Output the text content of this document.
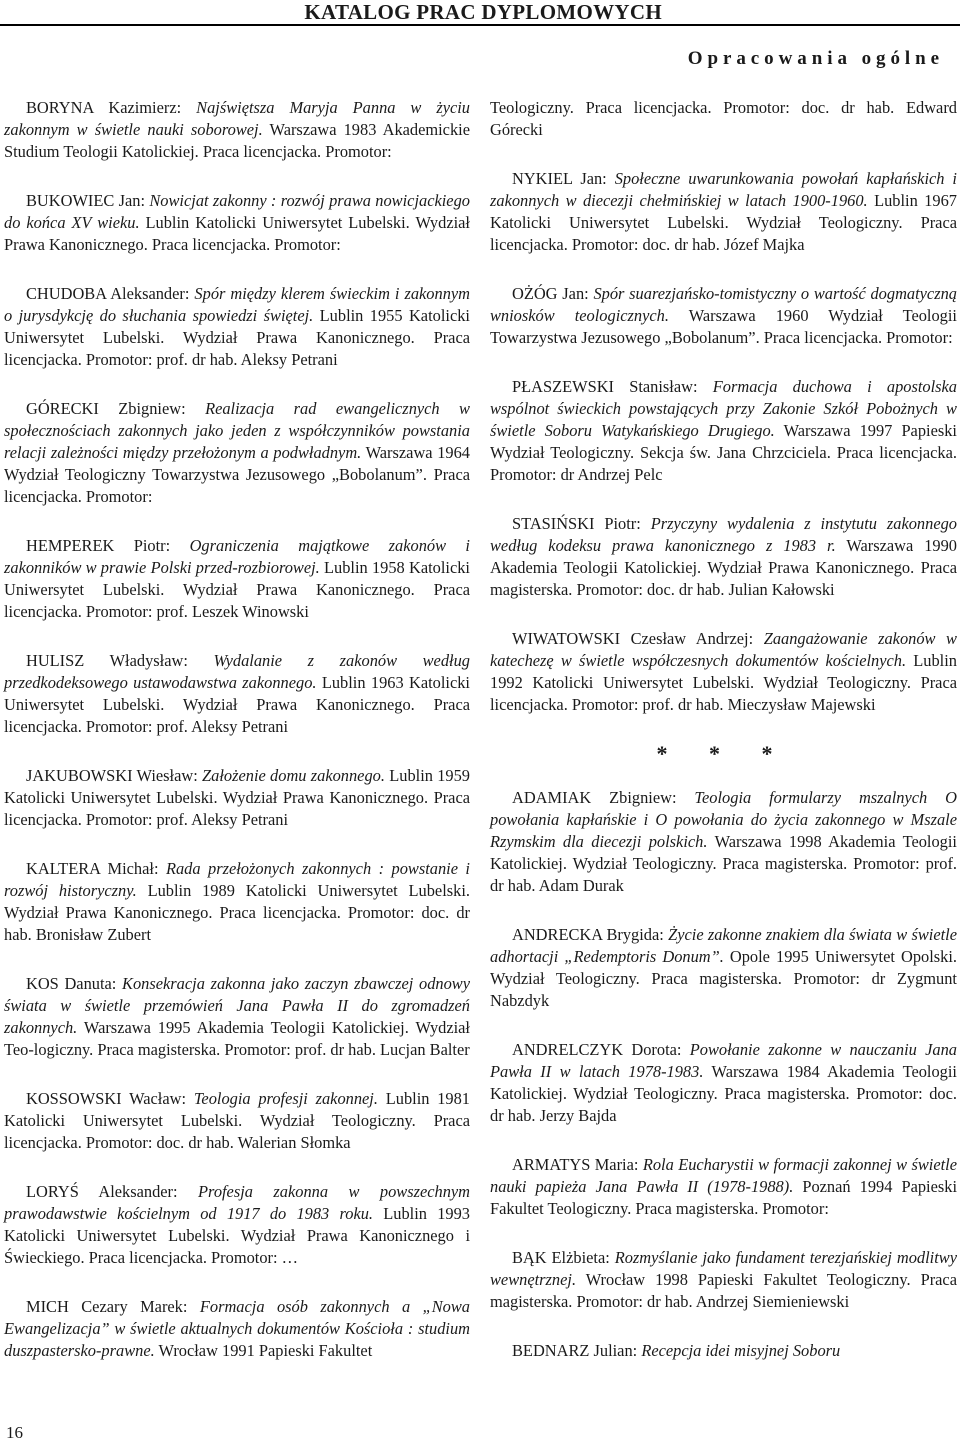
KATALOG PRAC DYPLOMOWYCH
Opracowania ogólne

BORYNA Kazimierz: Najświętsza Maryja Panna w życiu zakonnym w świetle nauki soborowej. Warszawa 1983 Akademickie Studium Teologii Katolickiej. Praca licencjacka. Promotor:

BUKOWIEC Jan: Nowicjat zakonny : rozwój prawa nowicjackiego do końca XV wieku. Lublin Katolicki Uniwersytet Lubelski. Wydział Prawa Kanonicznego. Praca licencjacka. Promotor:

CHUDOBA Aleksander: Spór między klerem świeckim i zakonnym o jurysdykcję do słuchania spowiedzi świętej. Lublin 1955 Katolicki Uniwersytet Lubelski. Wydział Prawa Kanonicznego. Praca licencjacka. Promotor: prof. dr hab. Aleksy Petrani

GÓRECKI Zbigniew: Realizacja rad ewangelicznych w społecznościach zakonnych jako jeden z współczynników powstania relacji zależności między przełożonym a podwładnym. Warszawa 1964 Wydział Teologiczny Towarzystwa Jezusowego „Bobolanum”. Praca licencjacka. Promotor:

HEMPEREK Piotr: Ograniczenia majątkowe zakonów i zakonników w prawie Polski przed-rozbiorowej. Lublin 1958 Katolicki Uniwersytet Lubelski. Wydział Prawa Kanonicznego. Praca licencjacka. Promotor: prof. Leszek Winowski

HULISZ Władysław: Wydalanie z zakonów według przedkodeksowego ustawodawstwa zakonnego. Lublin 1963 Katolicki Uniwersytet Lubelski. Wydział Prawa Kanonicznego. Praca licencjacka. Promotor: prof. Aleksy Petrani

JAKUBOWSKI Wiesław: Założenie domu zakonnego. Lublin 1959 Katolicki Uniwersytet Lubelski. Wydział Prawa Kanonicznego. Praca licencjacka. Promotor: prof. Aleksy Petrani

KALTERA Michał: Rada przełożonych zakonnych : powstanie i rozwój historyczny. Lublin 1989 Katolicki Uniwersytet Lubelski. Wydział Prawa Kanonicznego. Praca licencjacka. Promotor: doc. dr hab. Bronisław Zubert

KOS Danuta: Konsekracja zakonna jako zaczyn zbawczej odnowy świata w świetle przemówień Jana Pawła II do zgromadzeń zakonnych. Warszawa 1995 Akademia Teologii Katolickiej. Wydział Teo-logiczny. Praca magisterska. Promotor: prof. dr hab. Lucjan Balter

KOSSOWSKI Wacław: Teologia profesji zakonnej. Lublin 1981 Katolicki Uniwersytet Lubelski. Wydział Teologiczny. Praca licencjacka. Promotor: doc. dr hab. Walerian Słomka

LORYŚ Aleksander: Profesja zakonna w powszechnym prawodawstwie kościelnym od 1917 do 1983 roku. Lublin 1993 Katolicki Uniwersytet Lubelski. Wydział Prawa Kanonicznego i Świeckiego. Praca licencjacka. Promotor: …

MICH Cezary Marek: Formacja osób zakonnych a „Nowa Ewangelizacja” w świetle aktualnych dokumentów Kościoła : studium duszpastersko-prawne. Wrocław 1991 Papieski Fakultet

Teologiczny. Praca licencjacka. Promotor: doc. dr hab. Edward Górecki

NYKIEL Jan: Społeczne uwarunkowania powołań kapłańskich i zakonnych w diecezji chełmińskiej w latach 1900-1960. Lublin 1967 Katolicki Uniwersytet Lubelski. Wydział Teologiczny. Praca licencjacka. Promotor: doc. dr hab. Józef Majka

OŻÓG Jan: Spór suarezjańsko-tomistyczny o wartość dogmatyczną wniosków teologicznych. Warszawa 1960 Wydział Teologii Towarzystwa Jezusowego „Bobolanum”. Praca licencjacka. Promotor:

PŁASZEWSKI Stanisław: Formacja duchowa i apostolska wspólnot świeckich powstających przy Zakonie Szkół Pobożnych w świetle Soboru Watykańskiego Drugiego. Warszawa 1997 Papieski Wydział Teologiczny. Sekcja św. Jana Chrzciciela. Praca licencjacka. Promotor: dr Andrzej Pelc

STASIŃSKI Piotr: Przyczyny wydalenia z instytutu zakonnego według kodeksu prawa kanonicznego z 1983 r. Warszawa 1990 Akademia Teologii Katolickiej. Wydział Prawa Kanonicznego. Praca magisterska. Promotor: doc. dr hab. Julian Kałowski

WIWATOWSKI Czesław Andrzej: Zaangażowanie zakonów w katechezę w świetle współczesnych dokumentów kościelnych. Lublin 1992 Katolicki Uniwersytet Lubelski. Wydział Teologiczny. Praca licencjacka. Promotor: prof. dr hab. Mieczysław Majewski

* * *

ADAMIAK Zbigniew: Teologia formularzy mszalnych O powołania kapłańskie i O powołania do życia zakonnego w Mszale Rzymskim dla diecezji polskich. Warszawa 1998 Akademia Teologii Katolickiej. Wydział Teologiczny. Praca magisterska. Promotor: prof. dr hab. Adam Durak

ANDRECKA Brygida: Życie zakonne znakiem dla świata w świetle adhortacji „Redemptoris Donum”. Opole 1995 Uniwersytet Opolski. Wydział Teologiczny. Praca magisterska. Promotor: dr Zygmunt Nabzdyk

ANDRELCZYK Dorota: Powołanie zakonne w nauczaniu Jana Pawła II w latach 1978-1983. Warszawa 1984 Akademia Teologii Katolickiej. Wydział Teologiczny. Praca magisterska. Promotor: doc. dr hab. Jerzy Bajda

ARMATYS Maria: Rola Eucharystii w formacji zakonnej w świetle nauki papieża Jana Pawła II (1978-1988). Poznań 1994 Papieski Fakultet Teologiczny. Praca magisterska. Promotor:

BĄK Elżbieta: Rozmyślanie jako fundament terezjańskiej modlitwy wewnętrznej. Wrocław 1998 Papieski Fakultet Teologiczny. Praca magisterska. Promotor: dr hab. Andrzej Siemieniewski

BEDNARZ Julian: Recepcja idei misyjnej Soboru

16
